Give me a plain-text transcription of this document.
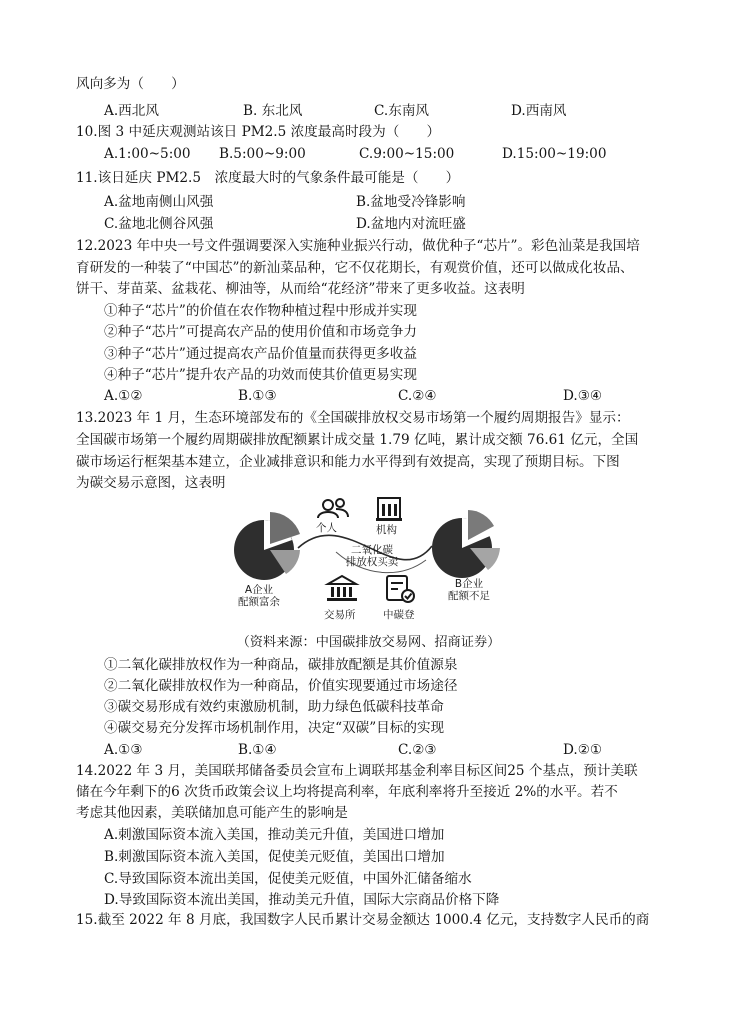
风向多为（　　）
A.西北风	B. 东北风	C.东南风	D.西南风
10.图 3 中延庆观测站该日 PM2.5 浓度最高时段为（　　）
A.1:00~5:00 B.5:00~9:00	C.9:00~15:00	D.15:00~19:00
11.该日延庆 PM2.5　浓度最大时的气象条件最可能是（　　）
A.盆地南侧山风强	B.盆地受冷锋影响
C.盆地北侧谷风强	D.盆地内对流旺盛
12.2023 年中央一号文件强调要深入实施种业振兴行动，做优种子“芯片”。彩色汕菜是我国培
育研发的一种装了“中国芯”的新汕菜品种，它不仅花期长，有观赏价值，还可以做成化妆品、
饼干、芽苗菜、盆栽花、柳油等，从而给“花经济”带来了更多收益。这表明
①种子“芯片”的价值在农作物种植过程中形成并实现
②种子“芯片”可提高农产品的使用价值和市场竞争力
③种子“芯片”通过提高农产品价值量而获得更多收益
④种子“芯片”提升农产品的功效而使其价值更易实现
A.①②	B.①③	C.②④	D.③④
13.2023 年 1 月，生态环境部发布的《全国碳排放权交易市场第一个履约周期报告》显示：
全国碳市场第一个履约周期碳排放配额累计成交量 1.79 亿吨，累计成交额 76.61 亿元，全国
碳市场运行框架基本建立，企业减排意识和能力水平得到有效提高，实现了预期目标。下图
为碳交易示意图，这表明
个人	机构
二氧化碳
排放权买卖
A企业
配额富余
B企业
配额不足
交易所	中碳登
（资料来源：中国碳排放交易网、招商证券）
①二氧化碳排放权作为一种商品，碳排放配额是其价值源泉
②二氧化碳排放权作为一种商品，价值实现要通过市场途径
③碳交易形成有效约束激励机制，助力绿色低碳科技革命
④碳交易充分发挥市场机制作用，决定“双碳”目标的实现
A.①③	B.①④	C.②③	D.②①
14.2022 年 3 月，美国联邦储备委员会宣布上调联邦基金利率目标区间25 个基点，预计美联
储在今年剩下的6 次货币政策会议上均将提高利率，年底利率将升至接近 2%的水平。若不
考虑其他因素，美联储加息可能产生的影响是
A.刺激国际资本流入美国，推动美元升值，美国进口增加
B.刺激国际资本流入美国，促使美元贬值，美国出口增加
C.导致国际资本流出美国，促使美元贬值，中国外汇储备缩水
D.导致国际资本流出美国，推动美元升值，国际大宗商品价格下降
15.截至 2022 年 8 月底，我国数字人民币累计交易金额达 1000.4 亿元，支持数字人民币的商
